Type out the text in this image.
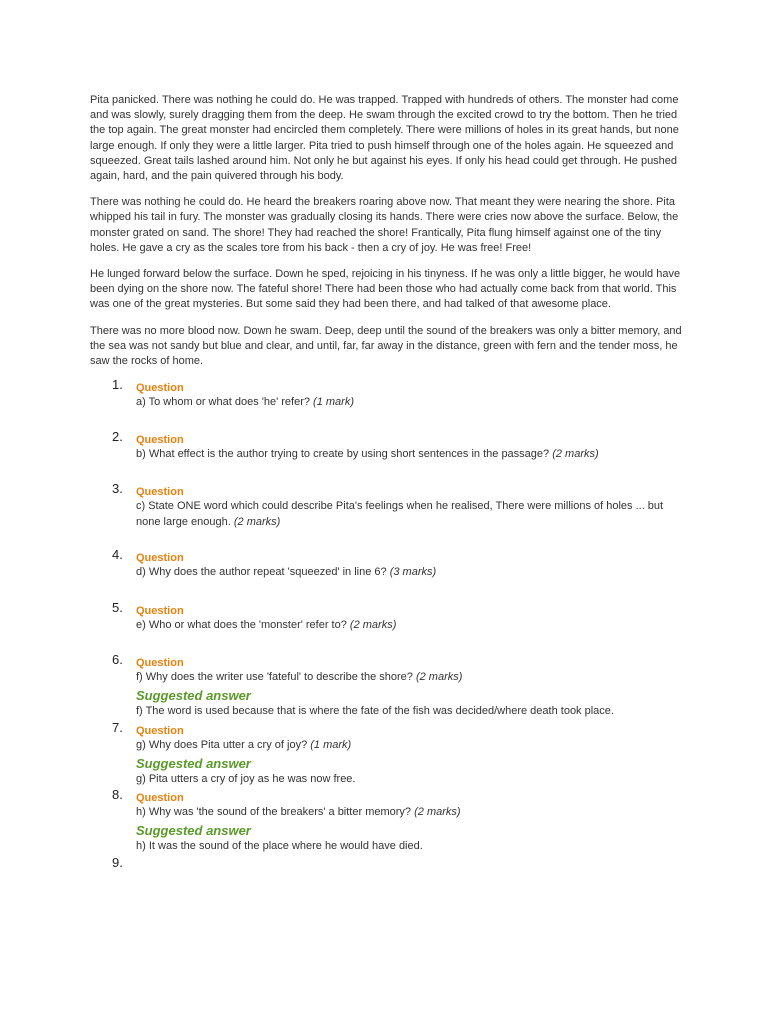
Pita panicked. There was nothing he could do. He was trapped. Trapped with hundreds of others. The monster had come and was slowly, surely dragging them from the deep. He swam through the excited crowd to try the bottom. Then he tried the top again. The great monster had encircled them completely. There were millions of holes in its great hands, but none large enough. If only they were a little larger. Pita tried to push himself through one of the holes again. He squeezed and squeezed. Great tails lashed around him. Not only he but against his eyes. If only his head could get through. He pushed again, hard, and the pain quivered through his body.

There was nothing he could do. He heard the breakers roaring above now. That meant they were nearing the shore. Pita whipped his tail in fury. The monster was gradually closing its hands. There were cries now above the surface. Below, the monster grated on sand. The shore! They had reached the shore! Frantically, Pita flung himself against one of the tiny holes. He gave a cry as the scales tore from his back - then a cry of joy. He was free! Free!

He lunged forward below the surface. Down he sped, rejoicing in his tinyness. If he was only a little bigger, he would have been dying on the shore now. The fateful shore! There had been those who had actually come back from that world. This was one of the great mysteries. But some said they had been there, and had talked of that awesome place.

There was no more blood now. Down he swam. Deep, deep until the sound of the breakers was only a bitter memory, and the sea was not sandy but blue and clear, and until, far, far away in the distance, green with fern and the tender moss, he saw the rocks of home.

1. Question
a) To whom or what does 'he' refer? (1 mark)
2. Question
b) What effect is the author trying to create by using short sentences in the passage? (2 marks)
3. Question
c) State ONE word which could describe Pita's feelings when he realised, There were millions of holes ... but none large enough. (2 marks)
4. Question
d) Why does the author repeat 'squeezed' in line 6? (3 marks)
5. Question
e) Who or what does the 'monster' refer to? (2 marks)
6. Question
f) Why does the writer use 'fateful' to describe the shore? (2 marks)
Suggested answer
f) The word is used because that is where the fate of the fish was decided/where death took place.
7. Question
g) Why does Pita utter a cry of joy? (1 mark)
Suggested answer
g) Pita utters a cry of joy as he was now free.
8. Question
h) Why was 'the sound of the breakers' a bitter memory? (2 marks)
Suggested answer
h) It was the sound of the place where he would have died.
9.
